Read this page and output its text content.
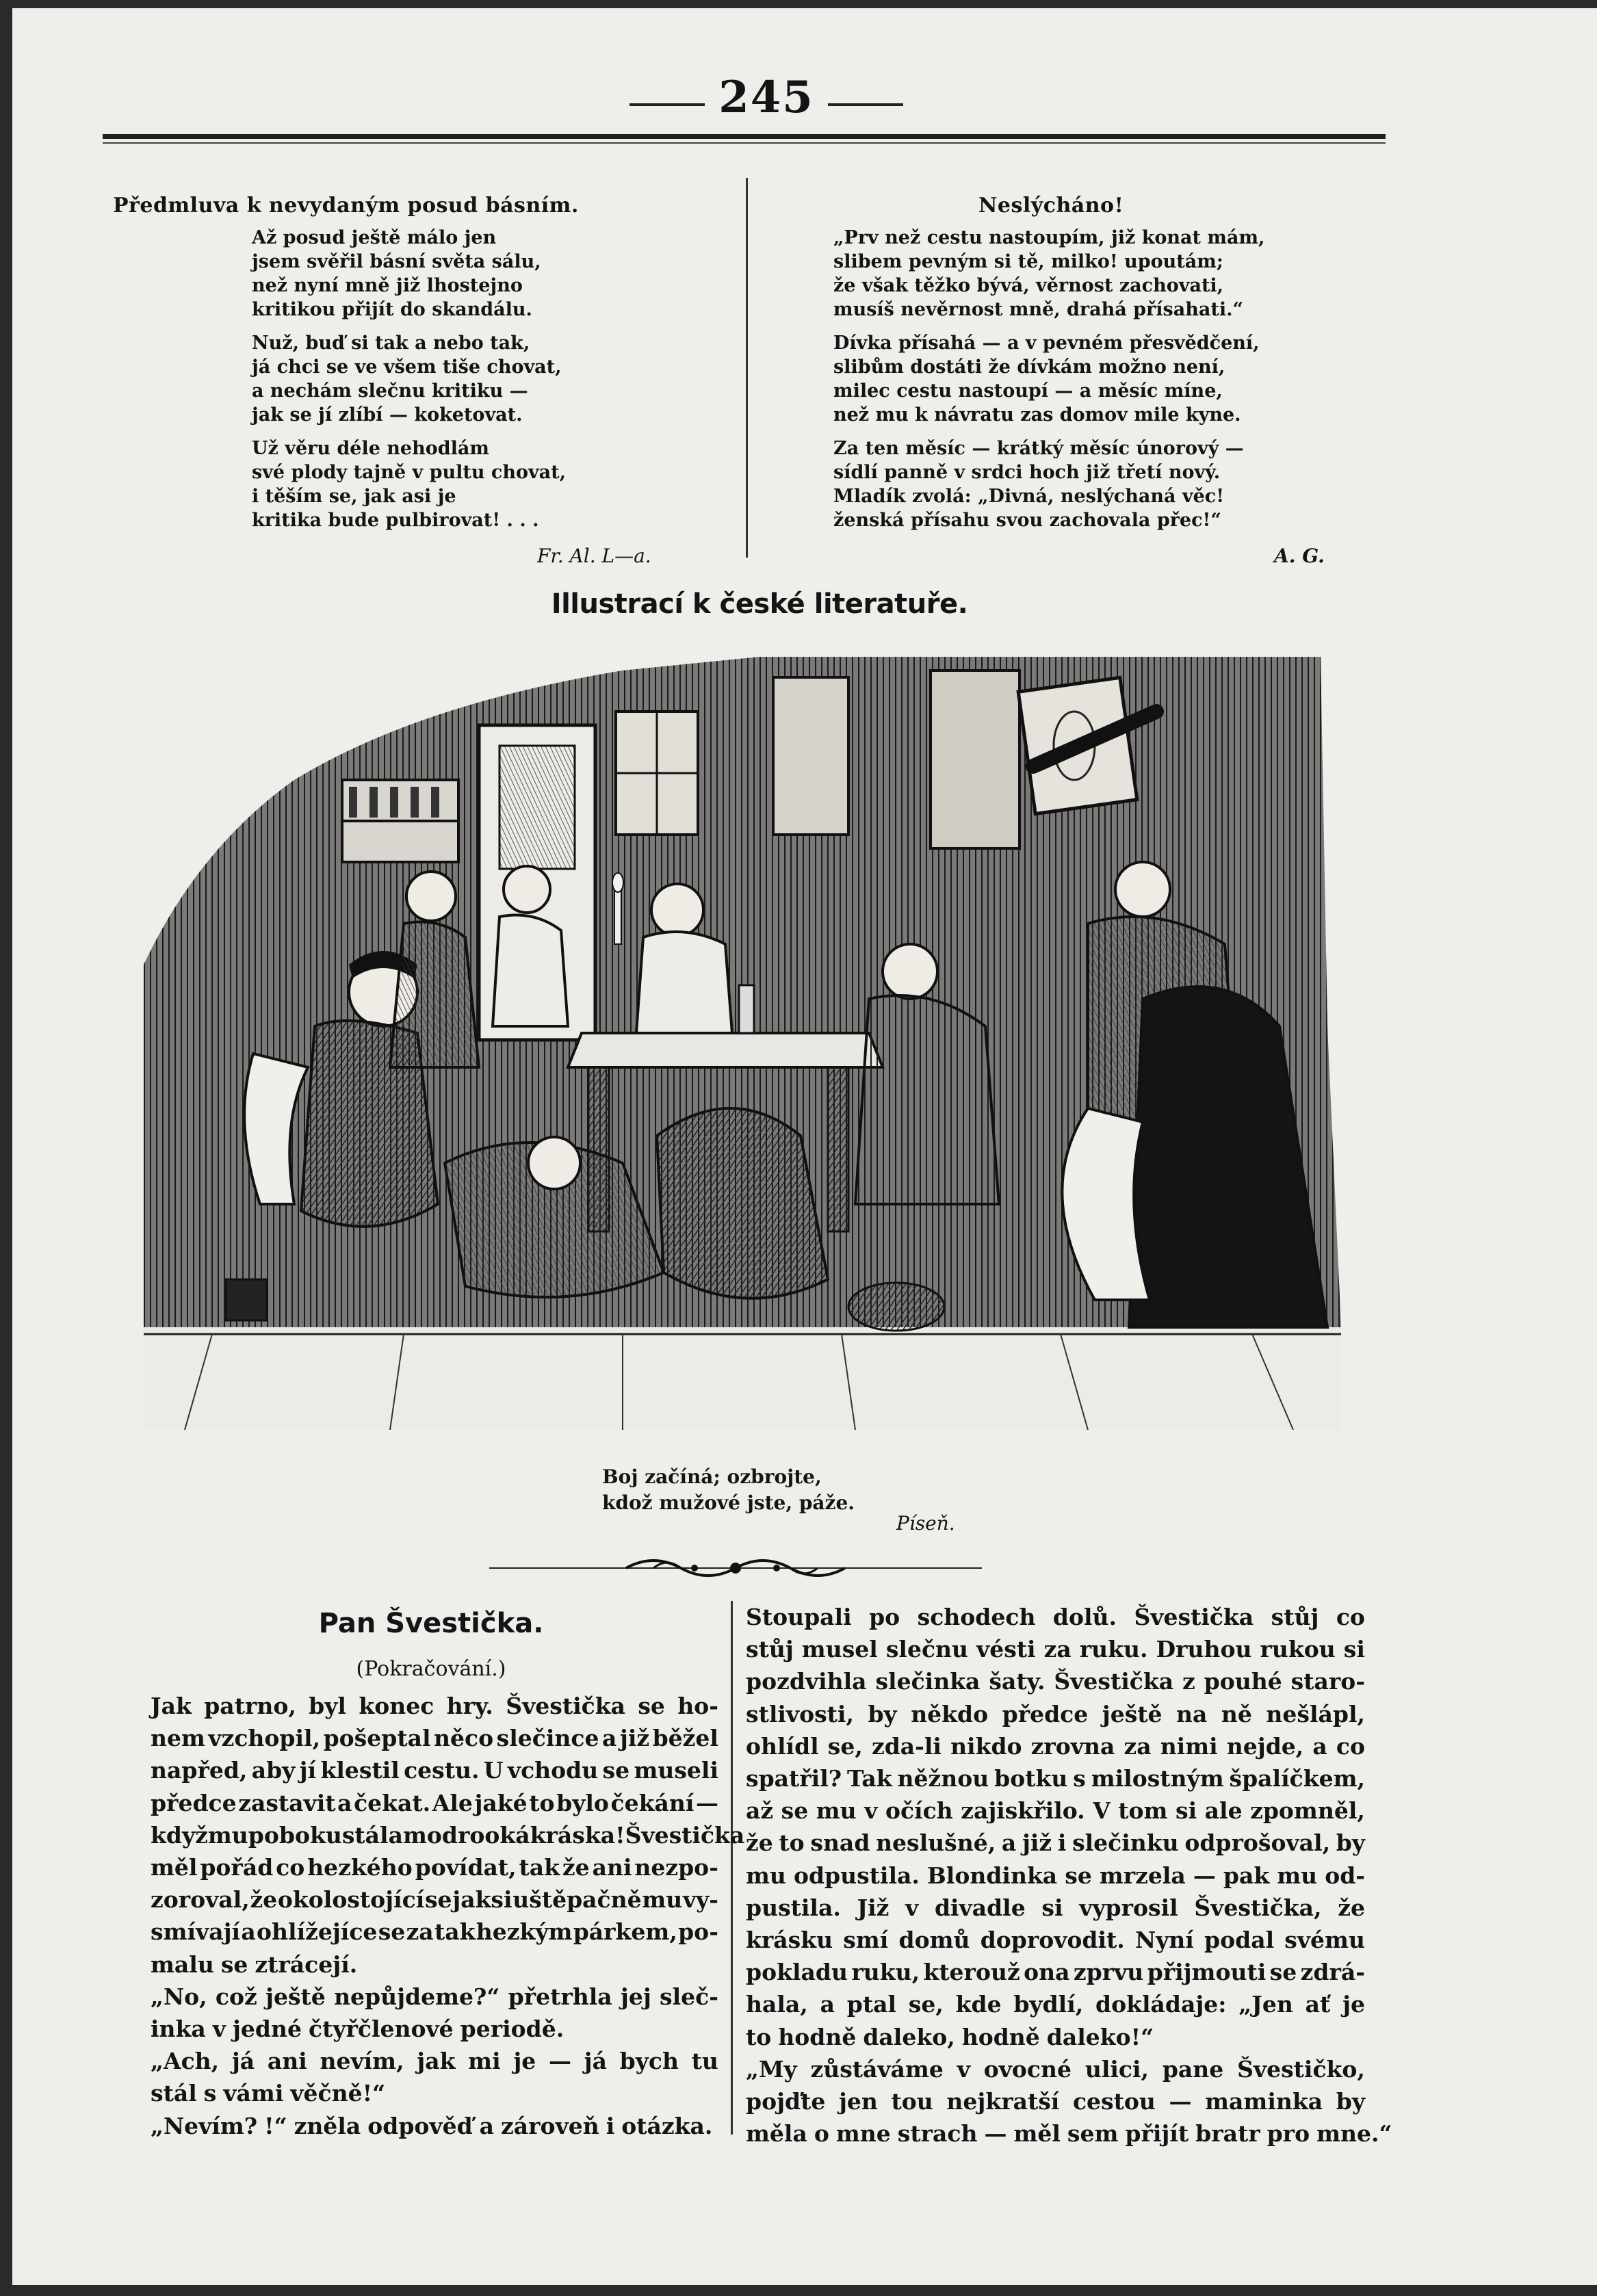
245
Předmluva k nevydaným posud básním.
Až posud ještě málo jen
jsem svěřil básní světa sálu,
než nyní mně již lhostejno
kritikou přijít do skandálu.
Nuž, buď si tak a nebo tak,
já chci se ve všem tiše chovat,
a nechám slečnu kritiku —
jak se jí zlíbí — koketovat.
Už věru déle nehodlám
své plody tajně v pultu chovat,
i těším se, jak asi je
kritika bude pulbirovat! . . .
Fr. Al. L—a.
Neslýcháno!
„Prv než cestu nastoupím, již konat mám,
slibem pevným si tě, milko! upoutám;
že však těžko bývá, věrnost zachovati,
musíš nevěrnost mně, drahá přísahati.“
Dívka přísahá — a v pevném přesvědčení,
slibům dostáti že dívkám možno není,
milec cestu nastoupí — a měsíc míne,
než mu k návratu zas domov mile kyne.
Za ten měsíc — krátký měsíc únorový —
sídlí panně v srdci hoch již třetí nový.
Mladík zvolá: „Divná, neslýchaná věc!
ženská přísahu svou zachovala přec!“
A. G.
Illustrací k české literatuře.
Boj začíná; ozbrojte,
kdož mužové jste, páže.
Píseň.
Pan Švestička.
(Pokračování.)
Jak patrno, byl konec hry. Švestička se ho-
nem vzchopil, pošeptal něco slečince a již běžel
napřed, aby jí klestil cestu. U vchodu se museli
předce zastavit a čekat. Ale jaké to bylo čekání —
když mu po boku stála modrooká kráska! Švestička
měl pořád co hezkého povídat, tak že ani nezpo-
zoroval, že okolostojící se jaksi uštěpačně mu vy-
smívají a ohlížejíce se za tak hezkým párkem, po-
malu se ztrácejí.
„No, což ještě nepůjdeme?“ přetrhla jej sleč-
inka v jedné čtyřčlenové periodě.
„Ach, já ani nevím, jak mi je — já bych tu
stál s vámi věčně!“
„Nevím? !“ zněla odpověď a zároveň i otázka.
Stoupali po schodech dolů. Švestička stůj co
stůj musel slečnu vésti za ruku. Druhou rukou si
pozdvihla slečinka šaty. Švestička z pouhé staro-
stlivosti, by někdo předce ještě na ně nešlápl,
ohlídl se, zda-li nikdo zrovna za nimi nejde, a co
spatřil? Tak něžnou botku s milostným špalíčkem,
až se mu v očích zajiskřilo. V tom si ale zpomněl,
že to snad neslušné, a již i slečinku odprošoval, by
mu odpustila. Blondinka se mrzela — pak mu od-
pustila. Již v divadle si vyprosil Švestička, že
krásku smí domů doprovodit. Nyní podal svému
pokladu ruku, kterouž ona zprvu přijmouti se zdrá-
hala, a ptal se, kde bydlí, dokládaje: „Jen ať je
to hodně daleko, hodně daleko!“
„My zůstáváme v ovocné ulici, pane Švestičko,
pojďte jen tou nejkratší cestou — maminka by
měla o mne strach — měl sem přijít bratr pro mne.“
